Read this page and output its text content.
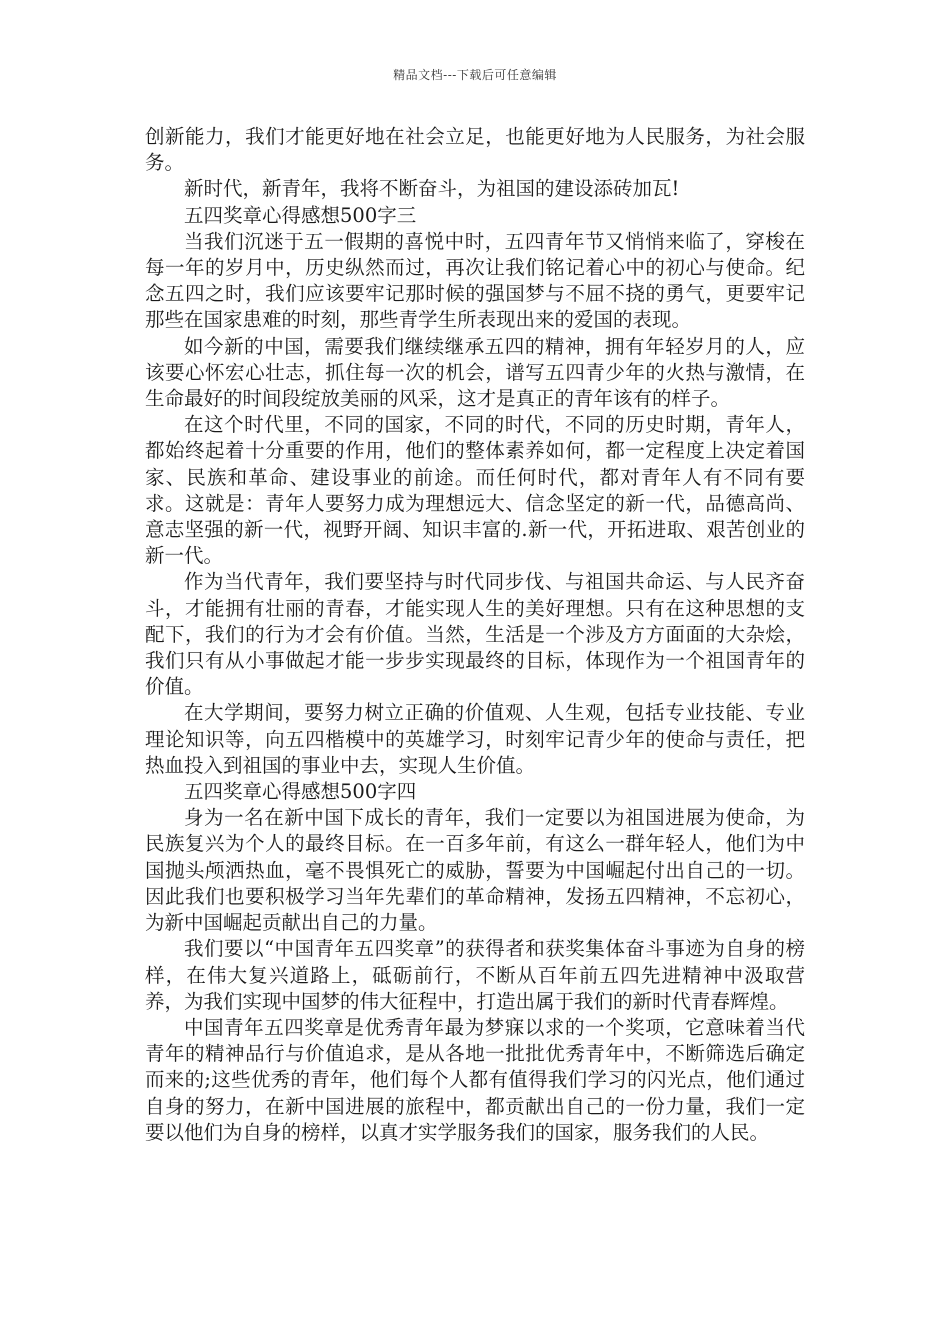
精品文档---下载后可任意编辑

创新能力，我们才能更好地在社会立足，也能更好地为人民服务，为社会服务。

新时代，新青年，我将不断奋斗，为祖国的建设添砖加瓦!

五四奖章心得感想500字三

当我们沉迷于五一假期的喜悦中时，五四青年节又悄悄来临了，穿梭在每一年的岁月中，历史纵然而过，再次让我们铭记着心中的初心与使命。纪念五四之时，我们应该要牢记那时候的强国梦与不屈不挠的勇气，更要牢记那些在国家患难的时刻，那些青学生所表现出来的爱国的表现。

如今新的中国，需要我们继续继承五四的精神，拥有年轻岁月的人，应该要心怀宏心壮志，抓住每一次的机会，谱写五四青少年的火热与激情，在生命最好的时间段绽放美丽的风采，这才是真正的青年该有的样子。

在这个时代里，不同的国家，不同的时代，不同的历史时期，青年人，都始终起着十分重要的作用，他们的整体素养如何，都一定程度上决定着国家、民族和革命、建设事业的前途。而任何时代，都对青年人有不同有要求。这就是：青年人要努力成为理想远大、信念坚定的新一代，品德高尚、意志坚强的新一代，视野开阔、知识丰富的.新一代，开拓进取、艰苦创业的新一代。

作为当代青年，我们要坚持与时代同步伐、与祖国共命运、与人民齐奋斗，才能拥有壮丽的青春，才能实现人生的美好理想。只有在这种思想的支配下，我们的行为才会有价值。当然，生活是一个涉及方方面面的大杂烩，我们只有从小事做起才能一步步实现最终的目标，体现作为一个祖国青年的价值。

在大学期间，要努力树立正确的价值观、人生观，包括专业技能、专业理论知识等，向五四楷模中的英雄学习，时刻牢记青少年的使命与责任，把热血投入到祖国的事业中去，实现人生价值。

五四奖章心得感想500字四

身为一名在新中国下成长的青年，我们一定要以为祖国进展为使命，为民族复兴为个人的最终目标。在一百多年前，有这么一群年轻人，他们为中国抛头颅洒热血，毫不畏惧死亡的威胁，誓要为中国崛起付出自己的一切。因此我们也要积极学习当年先辈们的革命精神，发扬五四精神，不忘初心，为新中国崛起贡献出自己的力量。

我们要以“中国青年五四奖章”的获得者和获奖集体奋斗事迹为自身的榜样，在伟大复兴道路上，砥砺前行，不断从百年前五四先进精神中汲取营养，为我们实现中国梦的伟大征程中，打造出属于我们的新时代青春辉煌。

中国青年五四奖章是优秀青年最为梦寐以求的一个奖项，它意味着当代青年的精神品行与价值追求，是从各地一批批优秀青年中，不断筛选后确定而来的;这些优秀的青年，他们每个人都有值得我们学习的闪光点，他们通过自身的努力，在新中国进展的旅程中，都贡献出自己的一份力量，我们一定要以他们为自身的榜样，以真才实学服务我们的国家，服务我们的人民。
